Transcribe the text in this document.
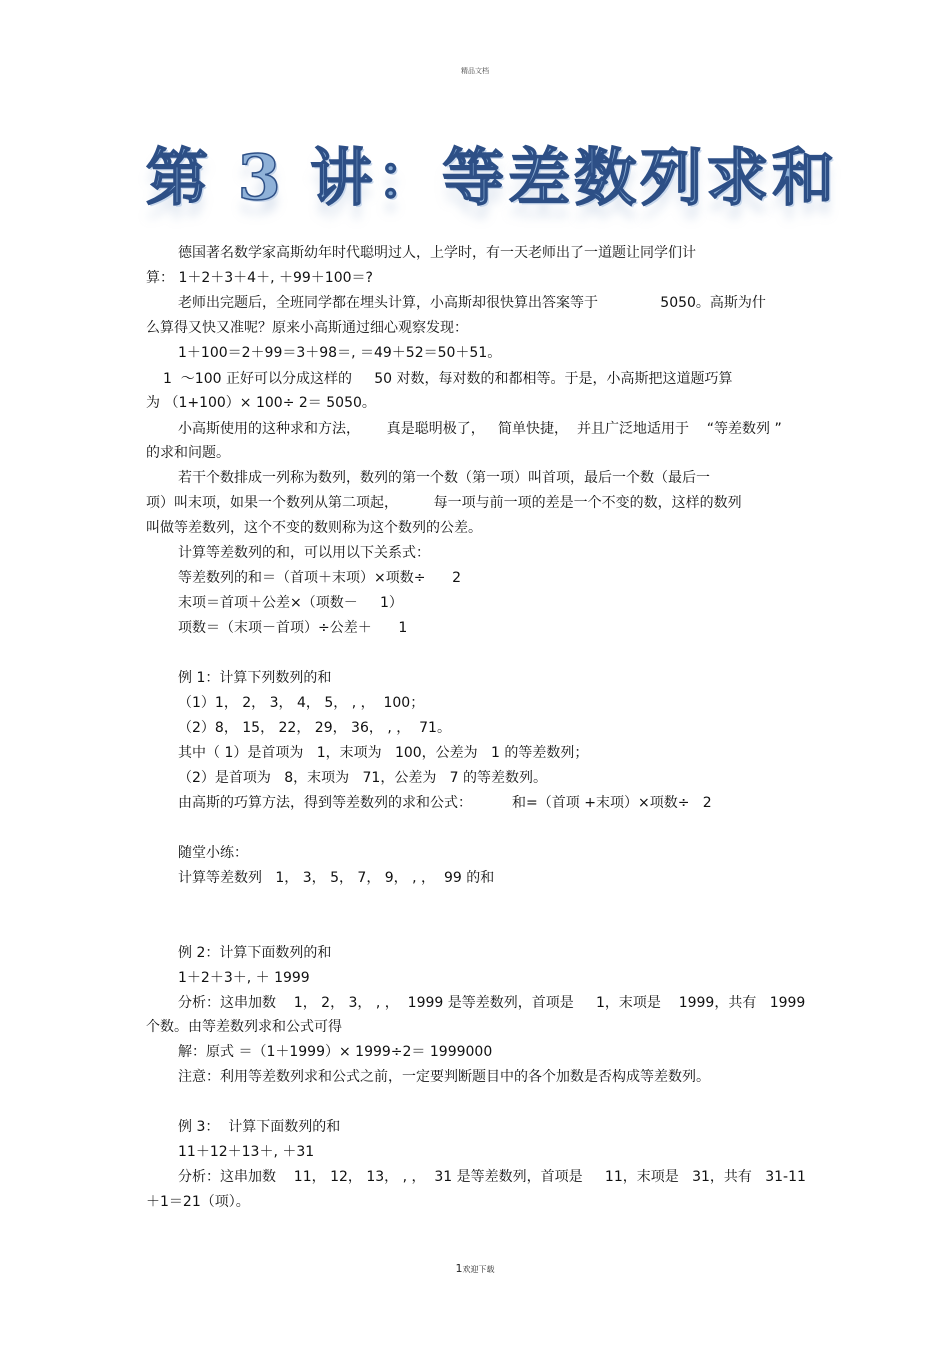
精品文档
第 3 讲：等差数列求和
德国著名数学家高斯幼年时代聪明过人，上学时，有一天老师出了一道题让同学们计
算： 1＋2＋3＋4＋, ＋99＋100＝?
老师出完题后，全班同学都在埋头计算，小高斯却很快算出答案等于              5050。高斯为什
么算得又快又准呢？原来小高斯通过细心观察发现：
1＋100＝2＋99＝3＋98＝, ＝49＋52＝50＋51。
1  ～100 正好可以分成这样的     50 对数，每对数的和都相等。于是，小高斯把这道题巧算
为 （1+100）× 100÷ 2＝ 5050。
小高斯使用的这种求和方法，      真是聪明极了，   简单快捷，  并且广泛地适用于    “等差数列 ”
的求和问题。
若干个数排成一列称为数列，数列的第一个数（第一项）叫首项，最后一个数（最后一
项）叫末项，如果一个数列从第二项起，        每一项与前一项的差是一个不变的数，这样的数列
叫做等差数列，这个不变的数则称为这个数列的公差。
计算等差数列的和，可以用以下关系式：
等差数列的和＝（首项＋末项）×项数÷      2
末项＝首项＋公差×（项数－     1）
项数＝（末项－首项）÷公差＋      1
例 1：计算下列数列的和
（1）1， 2， 3， 4， 5， , ，  100；
（2）8， 15， 22， 29， 36， , ，  71。
其中（ 1）是首项为   1，末项为   100，公差为   1 的等差数列；
（2）是首项为   8，末项为   71，公差为   7 的等差数列。
由高斯的巧算方法，得到等差数列的求和公式：         和=（首项 +末项）×项数÷   2
随堂小练：
计算等差数列   1， 3， 5， 7， 9， , ，  99 的和
例 2：计算下面数列的和
1＋2＋3＋, ＋ 1999
分析：这串加数    1， 2， 3， , ，  1999 是等差数列，首项是     1，末项是    1999，共有   1999
个数。由等差数列求和公式可得
解：原式 ＝（1＋1999）× 1999÷2＝ 1999000
注意：利用等差数列求和公式之前，一定要判断题目中的各个加数是否构成等差数列。
例 3：  计算下面数列的和
11＋12＋13＋, ＋31
分析：这串加数    11， 12， 13， , ，  31 是等差数列，首项是     11，末项是   31，共有   31-11
＋1＝21（项）。
1欢迎下载
